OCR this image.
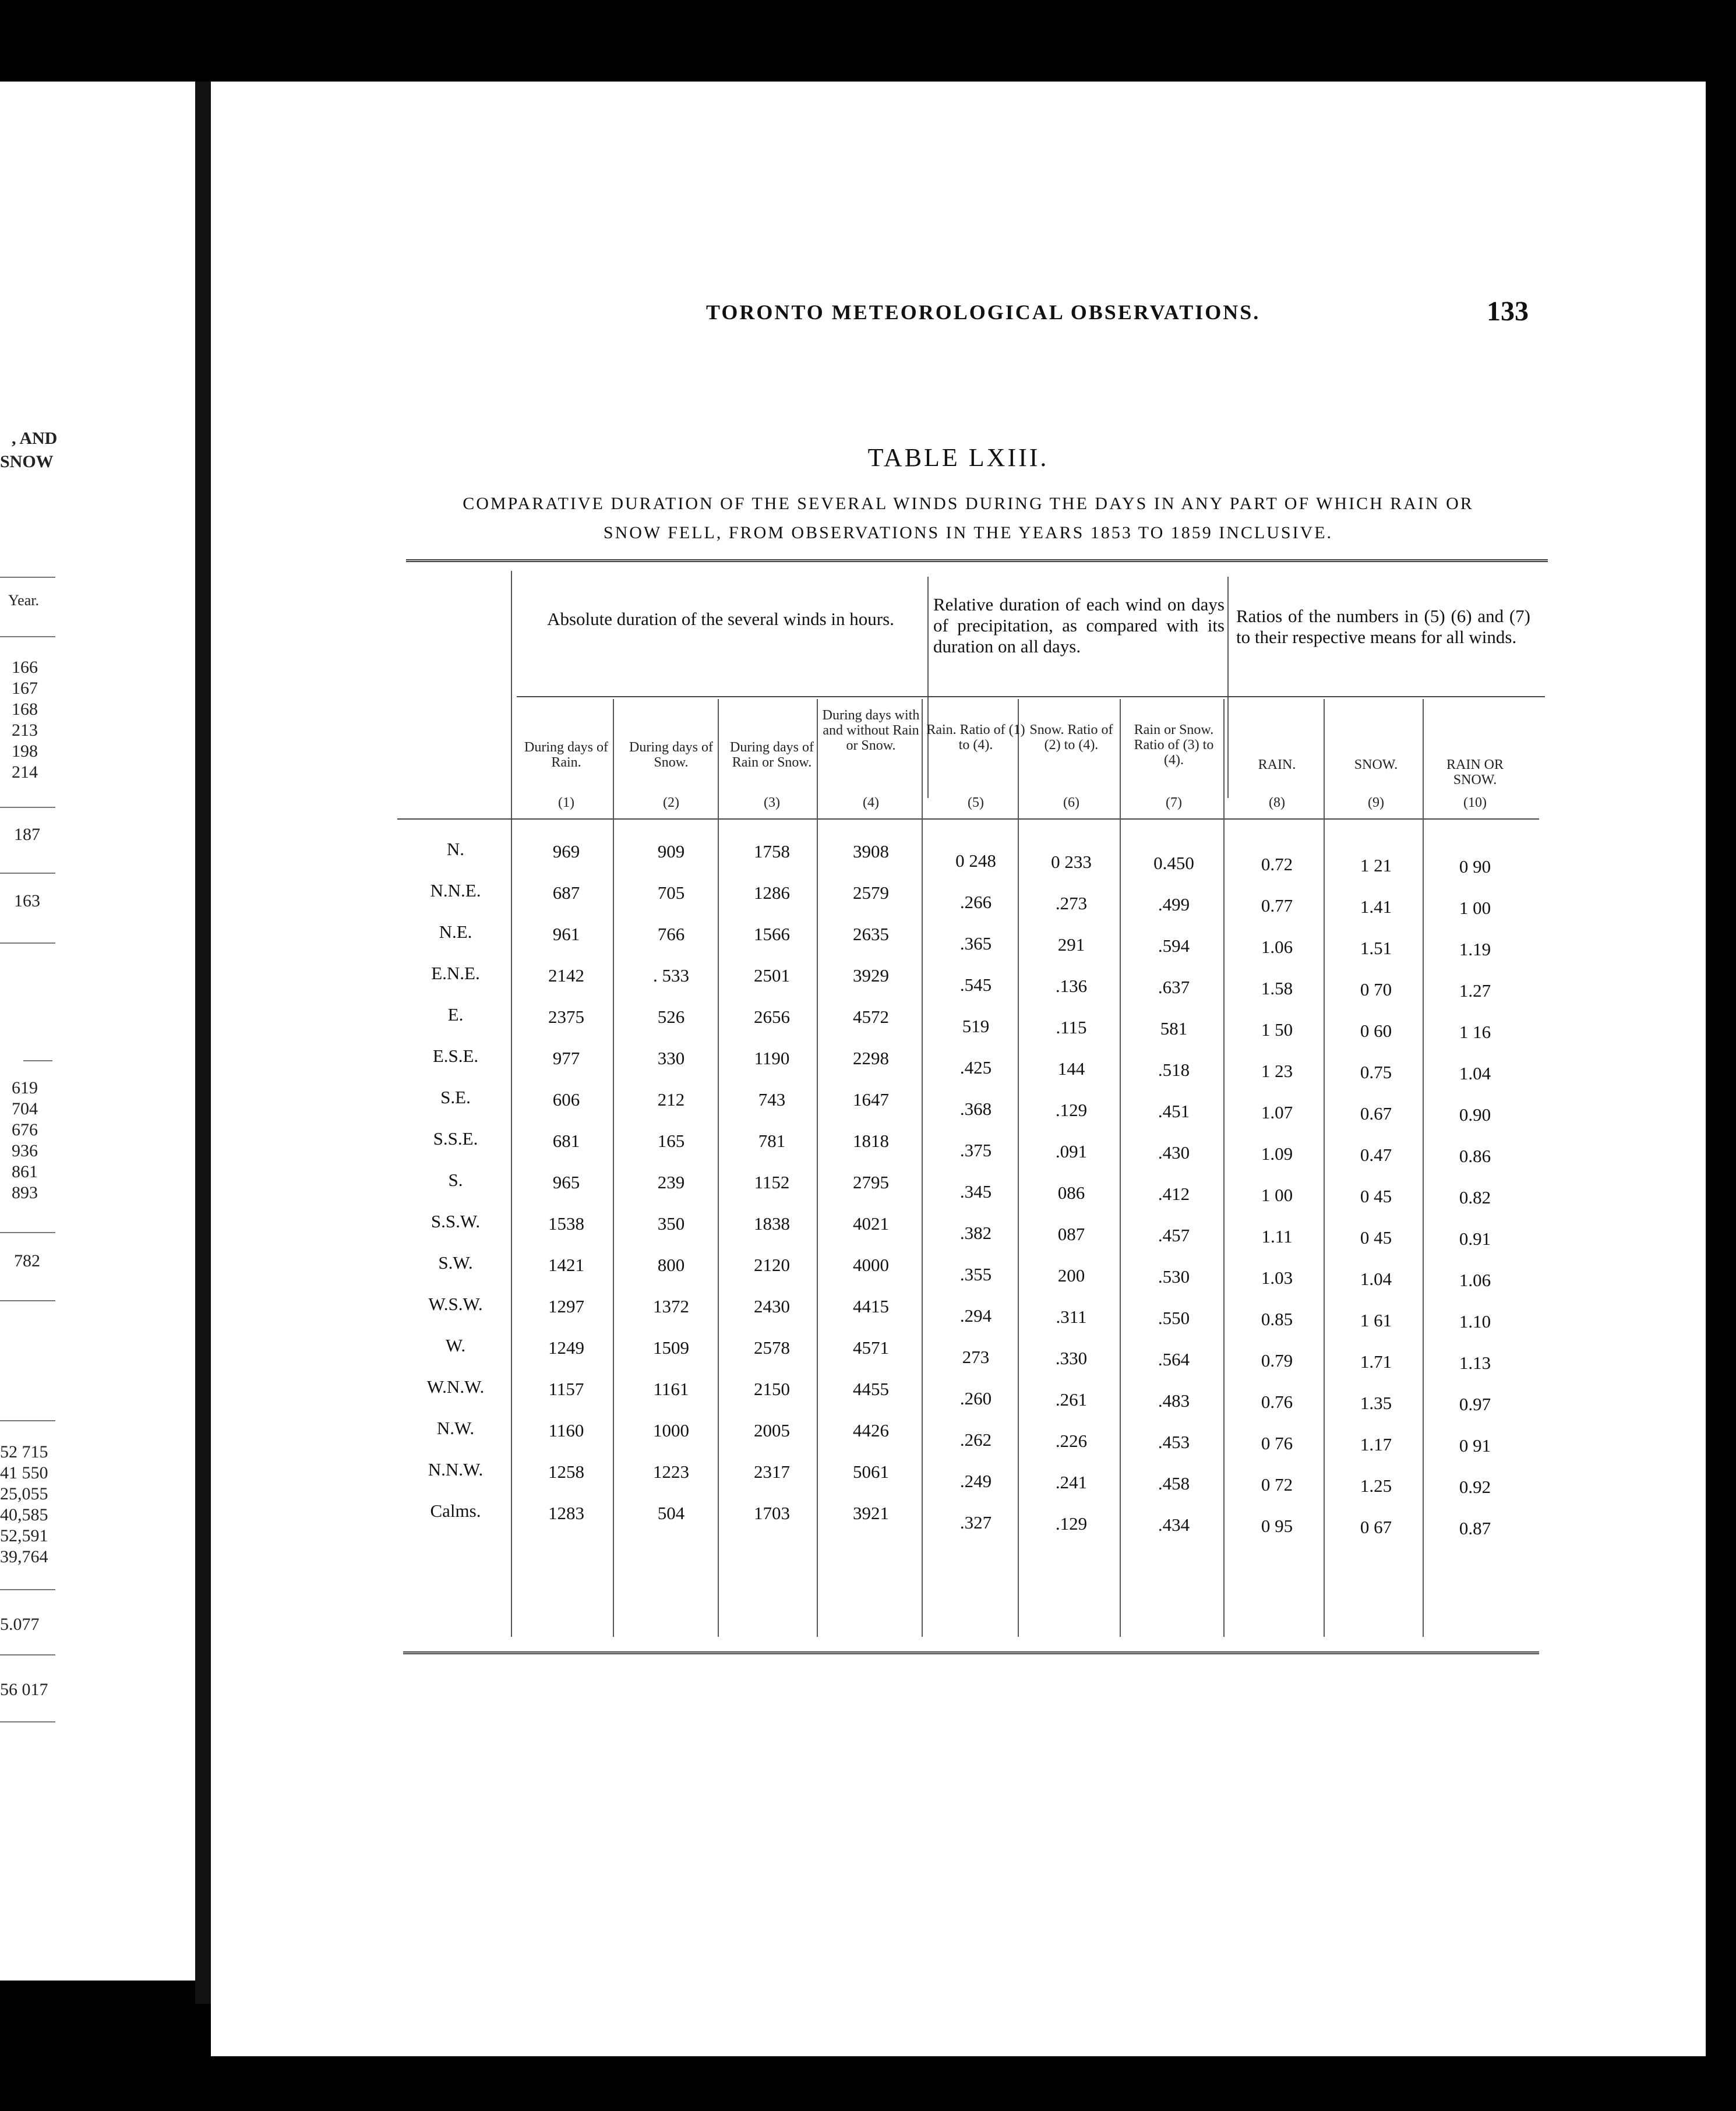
, AND
SNOW
Year.
166
167
168
213
198
214
187
163
619
704
676
936
861
893
782
52 715
41 550
25,055
40,585
52,591
39,764
5.077
56 017
TORONTO METEOROLOGICAL OBSERVATIONS.	133
TABLE LXIII.
COMPARATIVE DURATION OF THE SEVERAL WINDS DURING THE DAYS IN ANY PART OF WHICH RAIN OR
SNOW FELL, FROM OBSERVATIONS IN THE YEARS 1853 TO 1859 INCLUSIVE.
Absolute duration of the several winds in hours.
Relative duration of each wind on days of precipitation, as compared with its duration on all days.
Ratios of the numbers in (5) (6) and (7) to their respective means for all winds.
During days of Rain.
(1)
During days of Snow.
(2)
During days of Rain or Snow.
(3)
During days with and without Rain or Snow.
(4)
Rain. Ratio of (1) to (4).
(5)
Snow. Ratio of (2) to (4).
(6)
Rain or Snow. Ratio of (3) to (4).
(7)
RAIN.
(8)
SNOW.
(9)
RAIN OR SNOW.
(10)
N.	969	909	1758	3908	0 248	0 233	0.450	0.72	1 21	0 90
N.N.E.	687	705	1286	2579	.266	.273	.499	0.77	1.41	1 00
N.E.	961	766	1566	2635	.365	291	.594	1.06	1.51	1.19
E.N.E.	2142	. 533	2501	3929	.545	.136	.637	1.58	0 70	1.27
E.	2375	526	2656	4572	519	.115	581	1 50	0 60	1 16
E.S.E.	977	330	1190	2298	.425	144	.518	1 23	0.75	1.04
S.E.	606	212	743	1647	.368	.129	.451	1.07	0.67	0.90
S.S.E.	681	165	781	1818	.375	.091	.430	1.09	0.47	0.86
S.	965	239	1152	2795	.345	086	.412	1 00	0 45	0.82
S.S.W.	1538	350	1838	4021	.382	087	.457	1.11	0 45	0.91
S.W.	1421	800	2120	4000	.355	200	.530	1.03	1.04	1.06
W.S.W.	1297	1372	2430	4415	.294	.311	.550	0.85	1 61	1.10
W.	1249	1509	2578	4571	273	.330	.564	0.79	1.71	1.13
W.N.W.	1157	1161	2150	4455	.260	.261	.483	0.76	1.35	0.97
N.W.	1160	1000	2005	4426	.262	.226	.453	0 76	1.17	0 91
N.N.W.	1258	1223	2317	5061	.249	.241	.458	0 72	1.25	0.92
Calms.	1283	504	1703	3921	.327	.129	.434	0 95	0 67	0.87
